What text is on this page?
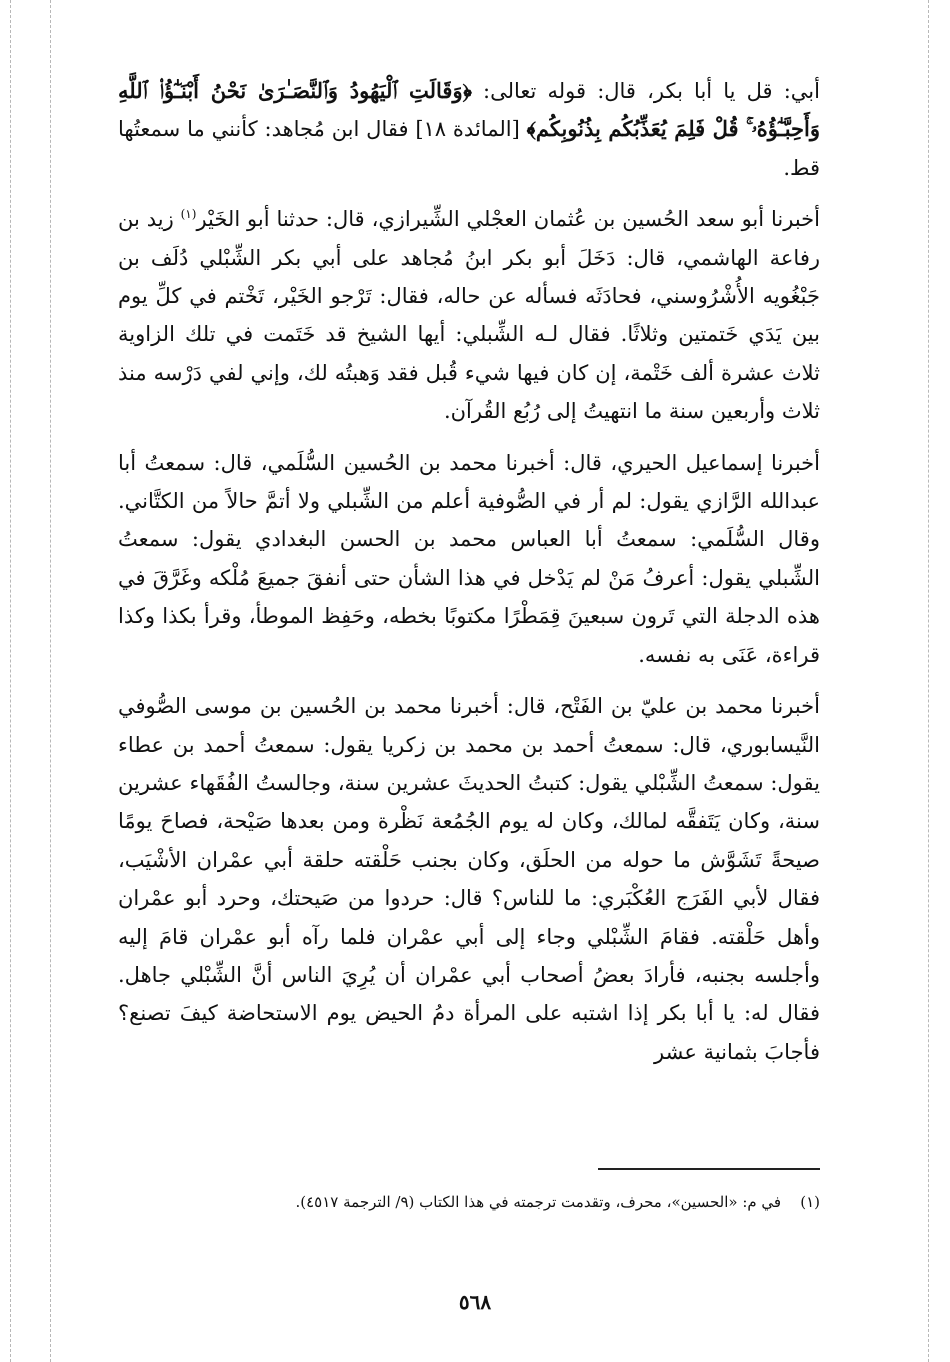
أبي: قل يا أبا بكر، قال: قوله تعالى: ﴿وَقَالَتِ ٱلْيَهُودُ وَٱلنَّصَـٰرَىٰ نَحْنُ أَبْنَـٰٓؤُا۟ ٱللَّهِ وَأَحِبَّـٰٓؤُهُۥ ۚ قُلْ فَلِمَ يُعَذِّبُكُم بِذُنُوبِكُم﴾ [المائدة ١٨] فقال ابن مُجاهد: كأنني ما سمعتُها قط.
أخبرنا أبو سعد الحُسين بن عُثمان العجْلي الشِّيرازي، قال: حدثنا أبو الخَيْر$^{(١)}$ زيد بن رفاعة الهاشمي، قال: دَخَلَ أبو بكر ابنُ مُجاهد على أبي بكر الشِّبْلي دُلَف بن جَبْغُويه الأُشْرُوسني، فحادَثَه فسأله عن حاله، فقال: تَرْجو الخَيْر، تَخْتم في كلِّ يوم بين يَدَي خَتمتين وثلاثًا. فقال لـه الشِّبلي: أيها الشيخ قد خَتَمت في تلك الزاوية ثلاث عشرة ألف خَتْمة، إن كان فيها شيء قُبل فقد وَهبتُه لك، وإني لفي دَرْسه منذ ثلاث وأربعين سنة ما انتهيتُ إلى رُبُع القُرآن.
أخبرنا إسماعيل الحيري، قال: أخبرنا محمد بن الحُسين السُّلَمي، قال: سمعتُ أبا عبدالله الرَّازي يقول: لم أر في الصُّوفية أعلم من الشِّبلي ولا أتمَّ حالاً من الكتَّاني. وقال السُّلَمي: سمعتُ أبا العباس محمد بن الحسن البغدادي يقول: سمعتُ الشِّبلي يقول: أعرفُ مَنْ لم يَدْخل في هذا الشأن حتى أنفقَ جميعَ مُلْكه وغَرَّقَ في هذه الدجلة التي تَرون سبعينَ قِمَطْرًا مكتوبًا بخطه، وحَفِظ الموطأ، وقرأ بكذا وكذا قراءة، عَنَى به نفسه.
أخبرنا محمد بن عليّ بن الفَتْح، قال: أخبرنا محمد بن الحُسين بن موسى الصُّوفي النَّيسابوري، قال: سمعتُ أحمد بن محمد بن زكريا يقول: سمعتُ أحمد بن عطاء يقول: سمعتُ الشِّبْلي يقول: كتبتُ الحديثَ عشرين سنة، وجالستُ الفُقَهاء عشرين سنة، وكان يَتَفقَّه لمالك، وكان له يوم الجُمُعة نَظْرة ومن بعدها صَيْحة، فصاحَ يومًا صيحةً تَشَوَّش ما حوله من الحلَق، وكان بجنب حَلْقته حلقة أبي عمْران الأشْيَب، فقال لأبي الفَرَج العُكْبَري: ما للناس؟ قال: حردوا من صَيحتك، وحرد أبو عمْران وأهل حَلْقته. فقامَ الشِّبْلي وجاء إلى أبي عمْران فلما رآه أبو عمْران قامَ إليه وأجلسه بجنبه، فأرادَ بعضُ أصحاب أبي عمْران أن يُرِيَ الناس أنَّ الشِّبْلي جاهل. فقال له: يا أبا بكر إذا اشتبه على المرأة دمُ الحيض يوم الاستحاضة كيفَ تصنع؟ فأجابَ بثمانية عشر
(١)    في م: «الحسين»، محرف، وتقدمت ترجمته في هذا الكتاب (٩/ الترجمة ٤٥١٧).
٥٦٨
